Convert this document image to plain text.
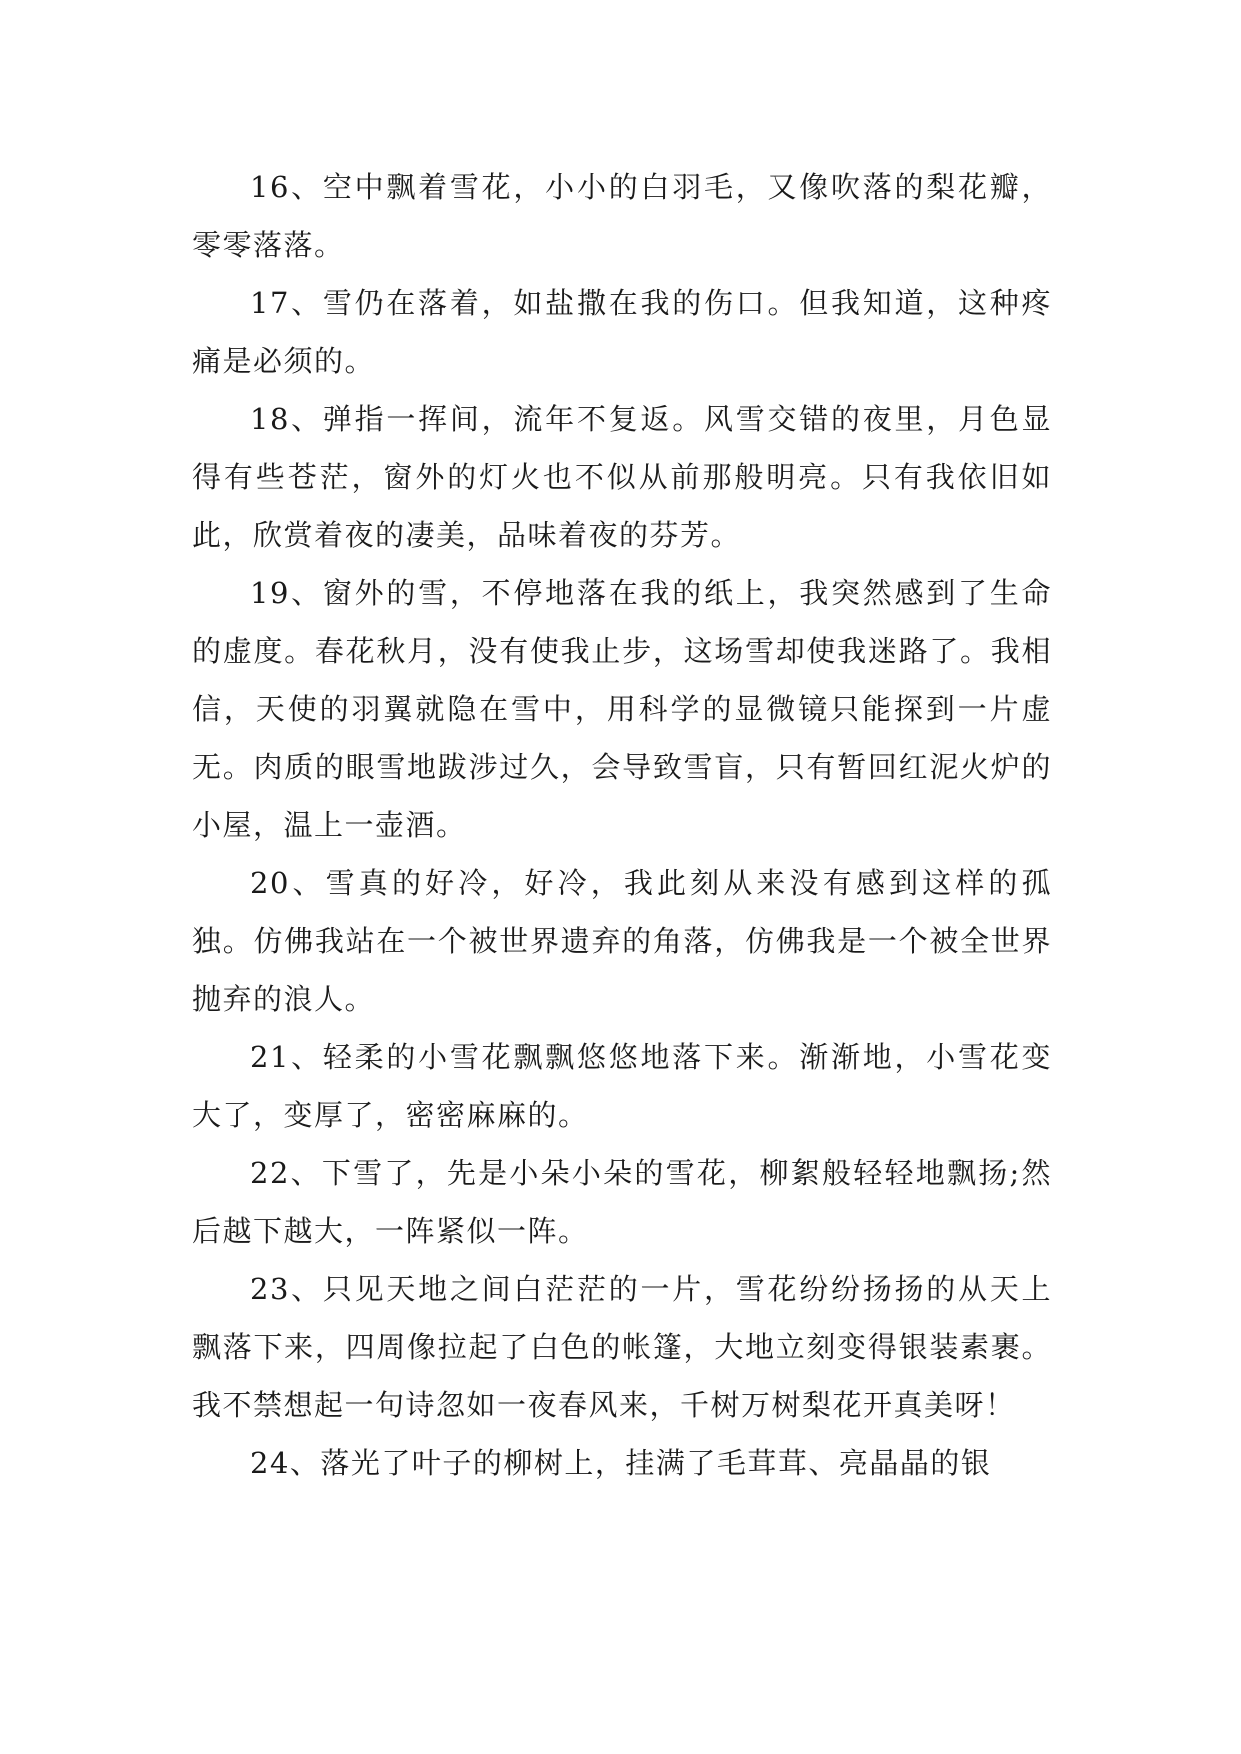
16、空中飘着雪花，小小的白羽毛，又像吹落的梨花瓣，零零落落。

17、雪仍在落着，如盐撒在我的伤口。但我知道，这种疼痛是必须的。

18、弹指一挥间，流年不复返。风雪交错的夜里，月色显得有些苍茫，窗外的灯火也不似从前那般明亮。只有我依旧如此，欣赏着夜的凄美，品味着夜的芬芳。

19、窗外的雪，不停地落在我的纸上，我突然感到了生命的虚度。春花秋月，没有使我止步，这场雪却使我迷路了。我相信，天使的羽翼就隐在雪中，用科学的显微镜只能探到一片虚无。肉质的眼雪地跋涉过久，会导致雪盲，只有暂回红泥火炉的小屋，温上一壶酒。

20、雪真的好冷，好冷，我此刻从来没有感到这样的孤独。仿佛我站在一个被世界遗弃的角落，仿佛我是一个被全世界抛弃的浪人。

21、轻柔的小雪花飘飘悠悠地落下来。渐渐地，小雪花变大了，变厚了，密密麻麻的。

22、下雪了，先是小朵小朵的雪花，柳絮般轻轻地飘扬;然后越下越大，一阵紧似一阵。

23、只见天地之间白茫茫的一片，雪花纷纷扬扬的从天上飘落下来，四周像拉起了白色的帐篷，大地立刻变得银装素裹。我不禁想起一句诗忽如一夜春风来，千树万树梨花开真美呀！

24、落光了叶子的柳树上，挂满了毛茸茸、亮晶晶的银
